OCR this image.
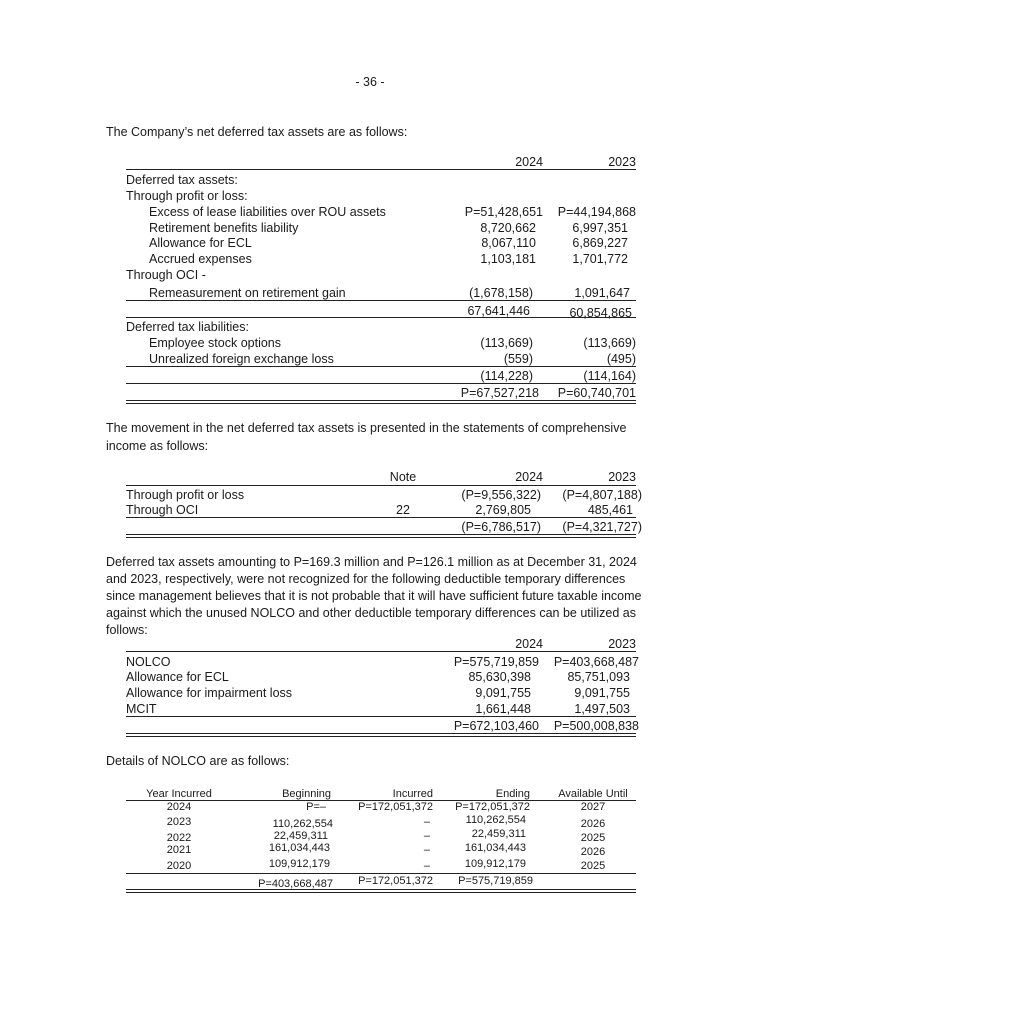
- 36 -
The Company’s net deferred tax assets are as follows:
2024	2023
Deferred tax assets:
Through profit or loss:
Excess of lease liabilities over ROU assets	P=51,428,651 P=44,194,868
Retirement benefits liability	8,720,662	6,997,351
Allowance for ECL	8,067,110	6,869,227
Accrued expenses	1,103,181	1,701,772
Through OCI -
Remeasurement on retirement gain	(1,678,158)	1,091,647
67,641,446	60,854,865
Deferred tax liabilities:
Employee stock options	(113,669)	(113,669)
Unrealized foreign exchange loss	(559)	(495)
(114,228)	(114,164)
P=67,527,218 P=60,740,701
The movement in the net deferred tax assets is presented in the statements of comprehensive income as follows:
Note	2024	2023
Through profit or loss	(P=9,556,322) (P=4,807,188)
Through OCI	22	2,769,805	485,461
(P=6,786,517) (P=4,321,727)
Deferred tax assets amounting to P=169.3 million and P=126.1 million as at December 31, 2024 and 2023, respectively, were not recognized for the following deductible temporary differences since management believes that it is not probable that it will have sufficient future taxable income against which the unused NOLCO and other deductible temporary differences can be utilized as follows:
2024	2023
NOLCO	P=575,719,859 P=403,668,487
Allowance for ECL	85,630,398	85,751,093
Allowance for impairment loss	9,091,755	9,091,755
MCIT	1,661,448	1,497,503
P=672,103,460 P=500,008,838
Details of NOLCO are as follows:
Year Incurred	Beginning	Incurred	Ending	Available Until
2024	P=–	P=172,051,372 P=172,051,372	2027
2023	110,262,554	–	110,262,554	2026
2022	22,459,311	–	22,459,311	2025
2021	161,034,443	–	161,034,443	2026
2020	109,912,179	–	109,912,179	2025
P=403,668,487 P=172,051,372 P=575,719,859
